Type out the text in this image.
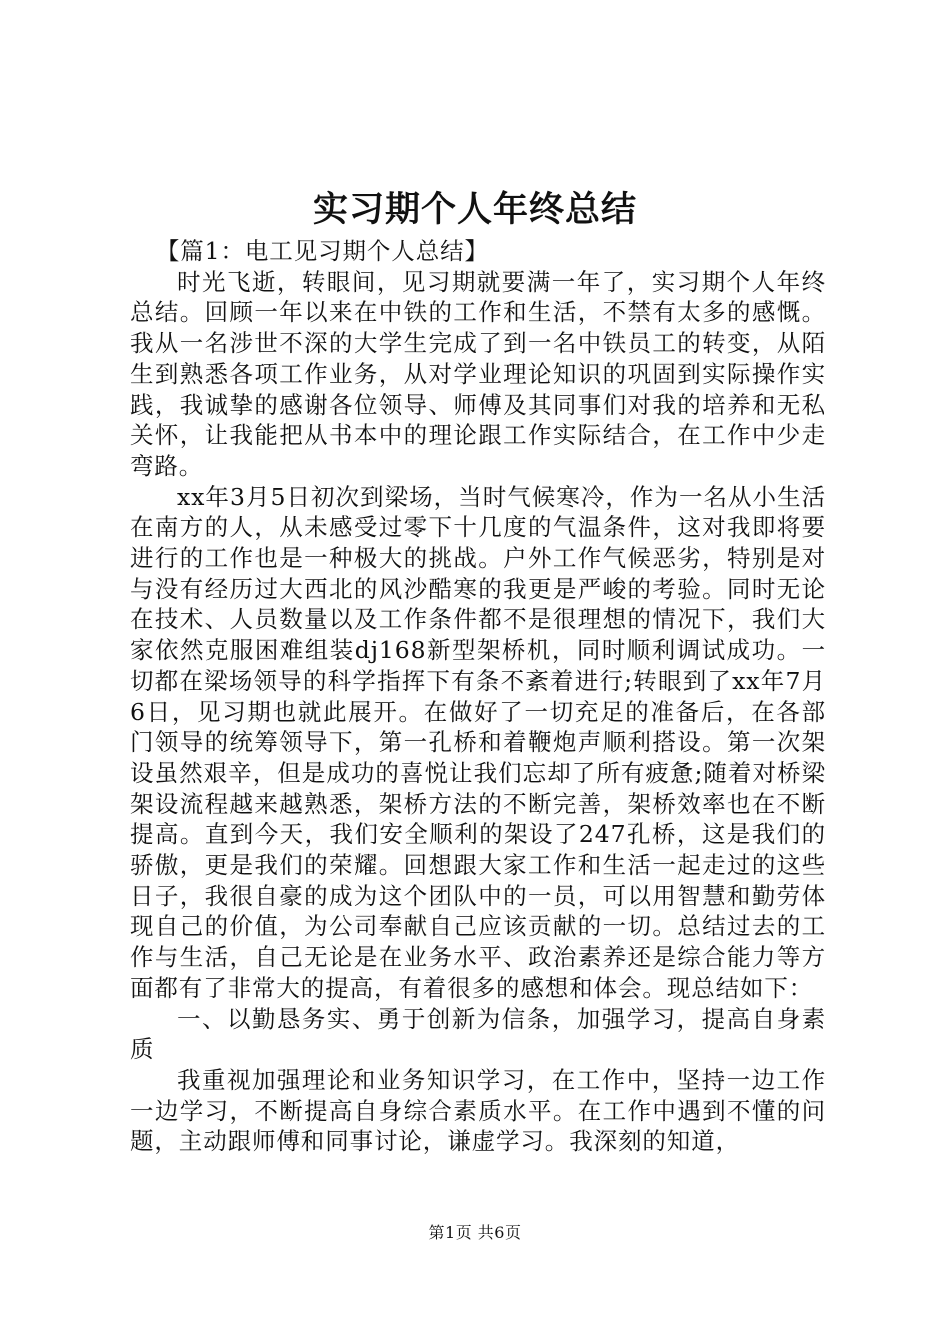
实习期个人年终总结

【篇1：电工见习期个人总结】

时光飞逝，转眼间，见习期就要满一年了，实习期个人年终总结。回顾一年以来在中铁的工作和生活，不禁有太多的感慨。我从一名涉世不深的大学生完成了到一名中铁员工的转变，从陌生到熟悉各项工作业务，从对学业理论知识的巩固到实际操作实践，我诚挚的感谢各位领导、师傅及其同事们对我的培养和无私关怀，让我能把从书本中的理论跟工作实际结合，在工作中少走弯路。

xx年3月5日初次到梁场，当时气候寒冷，作为一名从小生活在南方的人，从未感受过零下十几度的气温条件，这对我即将要进行的工作也是一种极大的挑战。户外工作气候恶劣，特别是对与没有经历过大西北的风沙酷寒的我更是严峻的考验。同时无论在技术、人员数量以及工作条件都不是很理想的情况下，我们大家依然克服困难组装dj168新型架桥机，同时顺利调试成功。一切都在梁场领导的科学指挥下有条不紊着进行;转眼到了xx年7月6日，见习期也就此展开。在做好了一切充足的准备后，在各部门领导的统筹领导下，第一孔桥和着鞭炮声顺利搭设。第一次架设虽然艰辛，但是成功的喜悦让我们忘却了所有疲惫;随着对桥梁架设流程越来越熟悉，架桥方法的不断完善，架桥效率也在不断提高。直到今天，我们安全顺利的架设了247孔桥，这是我们的骄傲，更是我们的荣耀。回想跟大家工作和生活一起走过的这些日子，我很自豪的成为这个团队中的一员，可以用智慧和勤劳体现自己的价值，为公司奉献自己应该贡献的一切。总结过去的工作与生活，自己无论是在业务水平、政治素养还是综合能力等方面都有了非常大的提高，有着很多的感想和体会。现总结如下：

一、以勤恳务实、勇于创新为信条，加强学习，提高自身素质

我重视加强理论和业务知识学习，在工作中，坚持一边工作一边学习，不断提高自身综合素质水平。在工作中遇到不懂的问题，主动跟师傅和同事讨论，谦虚学习。我深刻的知道，

第1页 共6页
